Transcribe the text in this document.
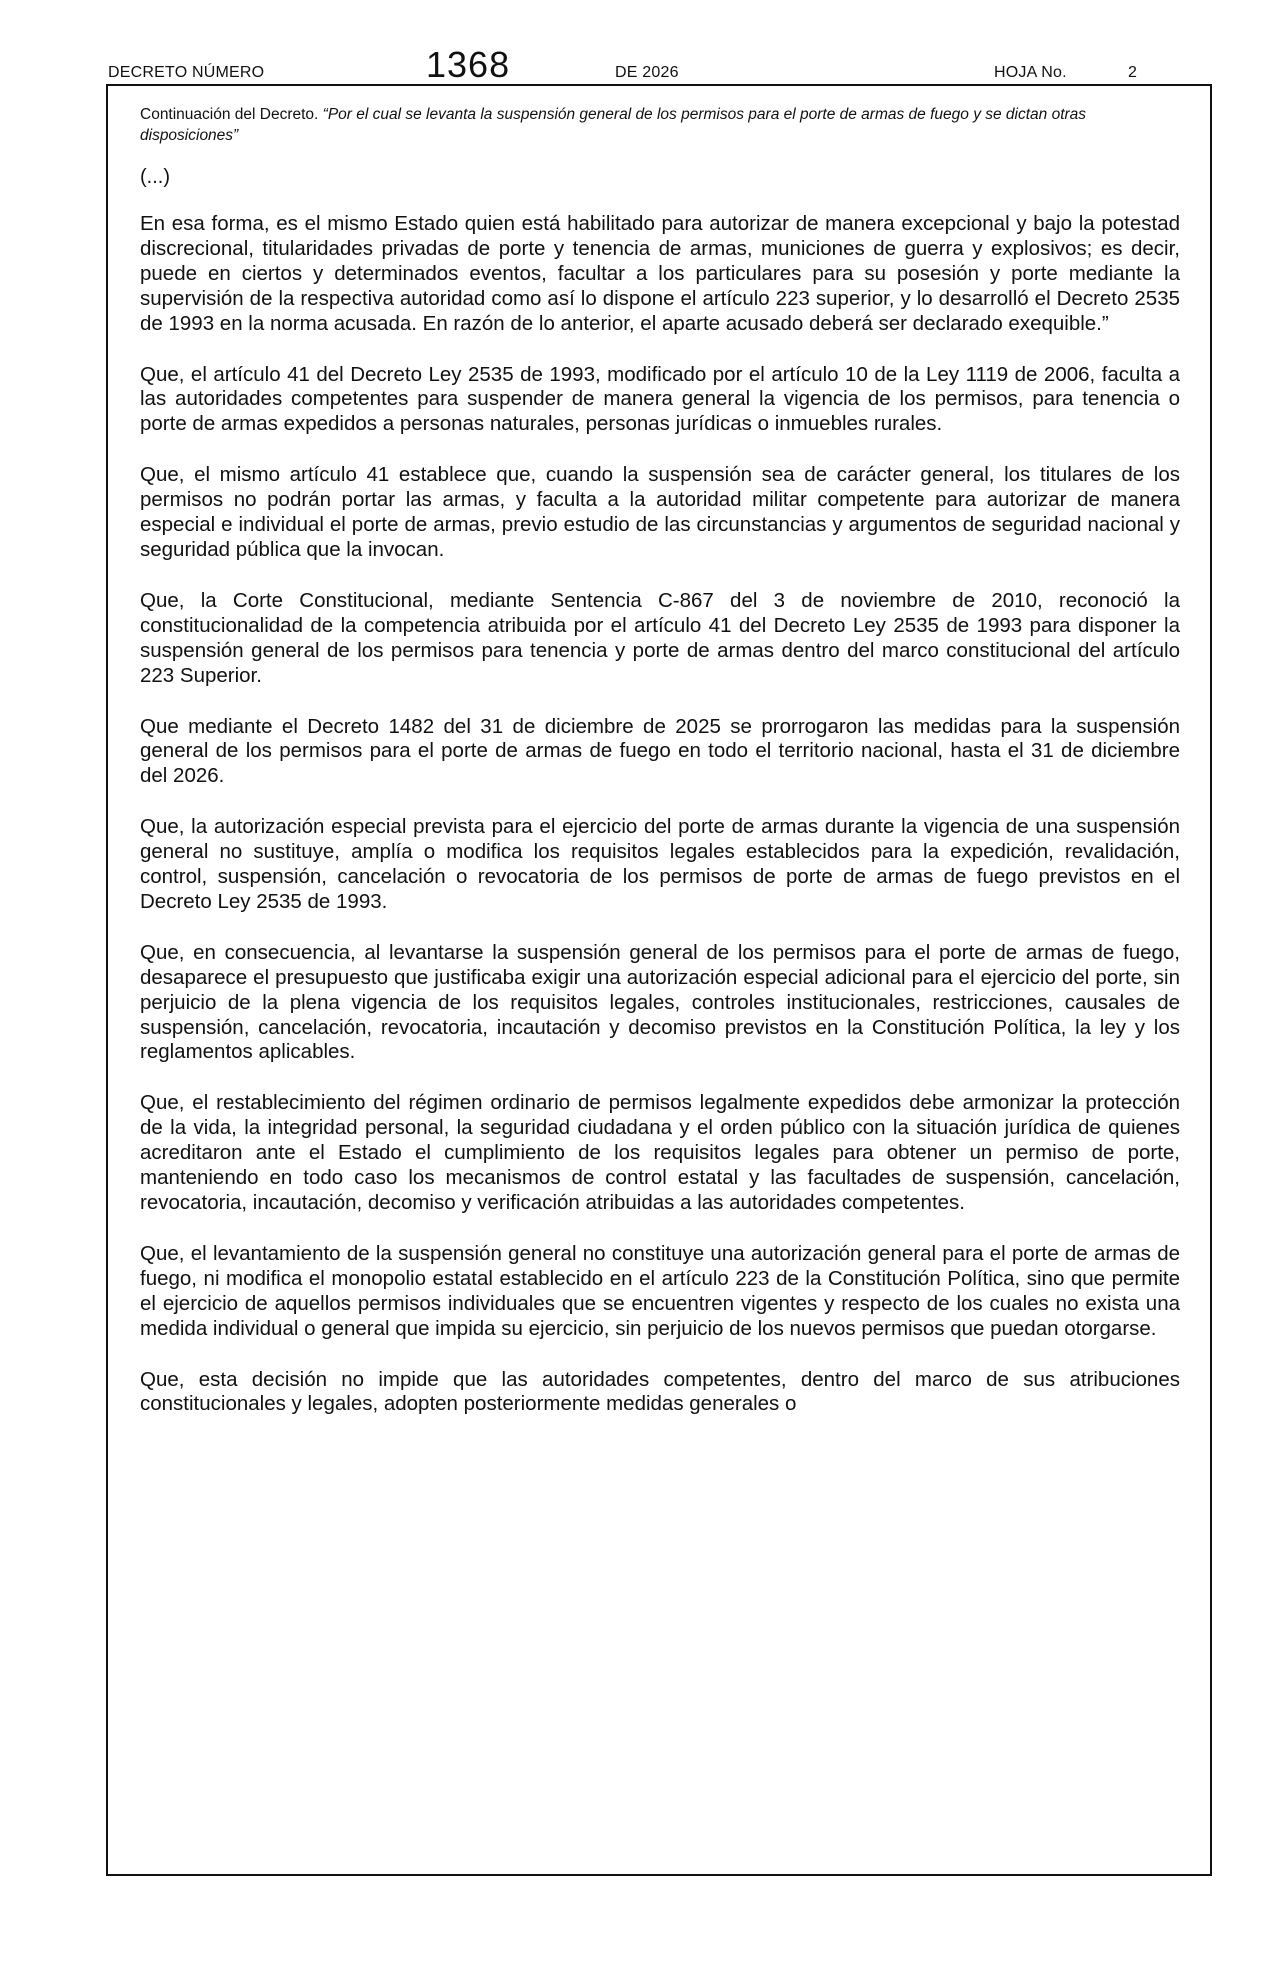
DECRETO NÚMERO	1368	DE 2026	HOJA No.	2
Continuación del Decreto. “Por el cual se levanta la suspensión general de los permisos para el porte de armas de fuego y se dictan otras disposiciones”
(...)

En esa forma, es el mismo Estado quien está habilitado para autorizar de manera excepcional y bajo la potestad discrecional, titularidades privadas de porte y tenencia de armas, municiones de guerra y explosivos; es decir, puede en ciertos y determinados eventos, facultar a los particulares para su posesión y porte mediante la supervisión de la respectiva autoridad como así lo dispone el artículo 223 superior, y lo desarrolló el Decreto 2535 de 1993 en la norma acusada. En razón de lo anterior, el aparte acusado deberá ser declarado exequible.”

Que, el artículo 41 del Decreto Ley 2535 de 1993, modificado por el artículo 10 de la Ley 1119 de 2006, faculta a las autoridades competentes para suspender de manera general la vigencia de los permisos, para tenencia o porte de armas expedidos a personas naturales, personas jurídicas o inmuebles rurales.

Que, el mismo artículo 41 establece que, cuando la suspensión sea de carácter general, los titulares de los permisos no podrán portar las armas, y faculta a la autoridad militar competente para autorizar de manera especial e individual el porte de armas, previo estudio de las circunstancias y argumentos de seguridad nacional y seguridad pública que la invocan.

Que, la Corte Constitucional, mediante Sentencia C-867 del 3 de noviembre de 2010, reconoció la constitucionalidad de la competencia atribuida por el artículo 41 del Decreto Ley 2535 de 1993 para disponer la suspensión general de los permisos para tenencia y porte de armas dentro del marco constitucional del artículo 223 Superior.

Que mediante el Decreto 1482 del 31 de diciembre de 2025 se prorrogaron las medidas para la suspensión general de los permisos para el porte de armas de fuego en todo el territorio nacional, hasta el 31 de diciembre del 2026.

Que, la autorización especial prevista para el ejercicio del porte de armas durante la vigencia de una suspensión general no sustituye, amplía o modifica los requisitos legales establecidos para la expedición, revalidación, control, suspensión, cancelación o revocatoria de los permisos de porte de armas de fuego previstos en el Decreto Ley 2535 de 1993.

Que, en consecuencia, al levantarse la suspensión general de los permisos para el porte de armas de fuego, desaparece el presupuesto que justificaba exigir una autorización especial adicional para el ejercicio del porte, sin perjuicio de la plena vigencia de los requisitos legales, controles institucionales, restricciones, causales de suspensión, cancelación, revocatoria, incautación y decomiso previstos en la Constitución Política, la ley y los reglamentos aplicables.

Que, el restablecimiento del régimen ordinario de permisos legalmente expedidos debe armonizar la protección de la vida, la integridad personal, la seguridad ciudadana y el orden público con la situación jurídica de quienes acreditaron ante el Estado el cumplimiento de los requisitos legales para obtener un permiso de porte, manteniendo en todo caso los mecanismos de control estatal y las facultades de suspensión, cancelación, revocatoria, incautación, decomiso y verificación atribuidas a las autoridades competentes.

Que, el levantamiento de la suspensión general no constituye una autorización general para el porte de armas de fuego, ni modifica el monopolio estatal establecido en el artículo 223 de la Constitución Política, sino que permite el ejercicio de aquellos permisos individuales que se encuentren vigentes y respecto de los cuales no exista una medida individual o general que impida su ejercicio, sin perjuicio de los nuevos permisos que puedan otorgarse.

Que, esta decisión no impide que las autoridades competentes, dentro del marco de sus atribuciones constitucionales y legales, adopten posteriormente medidas generales o
